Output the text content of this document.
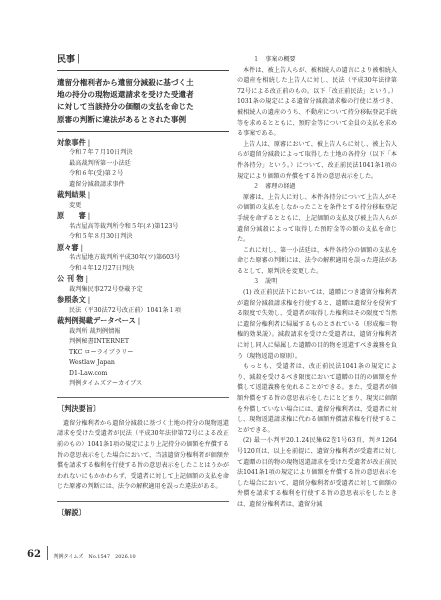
民事 |

遺留分権利者から遺留分減殺に基づく土

地の持分の現物返還請求を受けた受遺者

に対して当該持分の価額の支払を命じた

原審の判断に違法があるとされた事例

対象事件 |
令和７年７月10日判決
最高裁判所第一小法廷
令和６年(受)第２号
遺留分減殺請求事件
裁判結果 |
変更
原　　審 |
名古屋高等裁判所令和５年(ネ)第123号
令和５年８月30日判決
原々審 |
名古屋地方裁判所平成30年(ワ)第603号
令和４年12月27日判決
公 刊 物 |
裁判集民事272号登載予定
参照条文 |
民法（平30法72号改正前）1041条１項
裁判例掲載データベース |
裁判所 裁判例情報
判例秘書INTERNET
TKC ローライブラリー
Westlaw Japan
D1-Law.com
判例タイムズアーカイブス
〔判決要旨〕
遺留分権利者から遺留分減殺に基づく土地の持分の現物返還請求を受けた受遺者が民法（平成30年法律第72号による改正前のもの）1041条1項の規定により上記持分の価額を弁償する旨の意思表示をした場合において、当該遺留分権利者が価額弁償を請求する権利を行使する旨の意思表示をしたことはうかがわれないにもかかわらず、受遺者に対して上記価額の支払を命じた原審の判断には、法令の解釈適用を誤った違法がある。
〔解説〕
１　事案の概要

本件は、被上告人らが、被相続人の遺言により被相続人の遺産を相続した上告人に対し、民法（平成30年法律第72号による改正前のもの。以下「改正前民法」という。）1031条の規定による遺留分減殺請求権の行使に基づき、被相続人の遺産のうち、不動産について持分移転登記手続等を求めるとともに、預貯金等について金員の支払を求める事案である。

上告人は、原審において、被上告人らに対し、被上告人らが遺留分減殺によって取得した土地の各持分（以下「本件各持分」という。）について、改正前民法1041条1項の規定により価額の弁償をする旨の意思表示をした。

２　審理の経過

原審は、上告人に対し、本件各持分について上告人がその価額の支払をしなかったことを条件とする持分移転登記手続を命ずるとともに、上記価額の支払及び被上告人らが遺留分減殺によって取得した預貯金等の額の支払を命じた。

これに対し、第一小法廷は、本件各持分の価額の支払を命じた原審の判断には、法令の解釈適用を誤った違法があるとして、原判決を変更した。

３　説明

(1) 改正前民法下においては、遺贈につき遺留分権利者が遺留分減殺請求権を行使すると、遺贈は遺留分を侵害する限度で失効し、受遺者が取得した権利はその限度で当然に遺留分権利者に帰属するものとされている（形成権＝物権的効果説）。減殺請求を受けた受遺者は、遺留分権利者に対し同人に帰属した遺贈の目的物を返還すべき義務を負う（現物返還の原則）。

もっとも、受遺者は、改正前民法1041条の規定により、減殺を受けるべき限度において遺贈の目的の価額を弁償して返還義務を免れることができる。また、受遺者が価額弁償をする旨の意思表示をしたにとどまり、現実に価額を弁償していない場合には、遺留分権利者は、受遺者に対し、現物返還請求権に代わる価額弁償請求権を行使することができる。

(2) 最一小判平20.1.24民集62巻1号63頁、判タ1264号120頁は、以上を前提に、遺留分権利者が受遺者に対して遺贈の目的物の現物返還請求を受けた受遺者が改正前民法1041条1項の規定により価額を弁償する旨の意思表示をした場合において、遺留分権利者が受遺者に対して価額の弁償を請求する権利を行使する旨の意思表示をしたときは、遺留分権利者は、遺留分減

62	判例タイムズ　No.1547　2026.10
